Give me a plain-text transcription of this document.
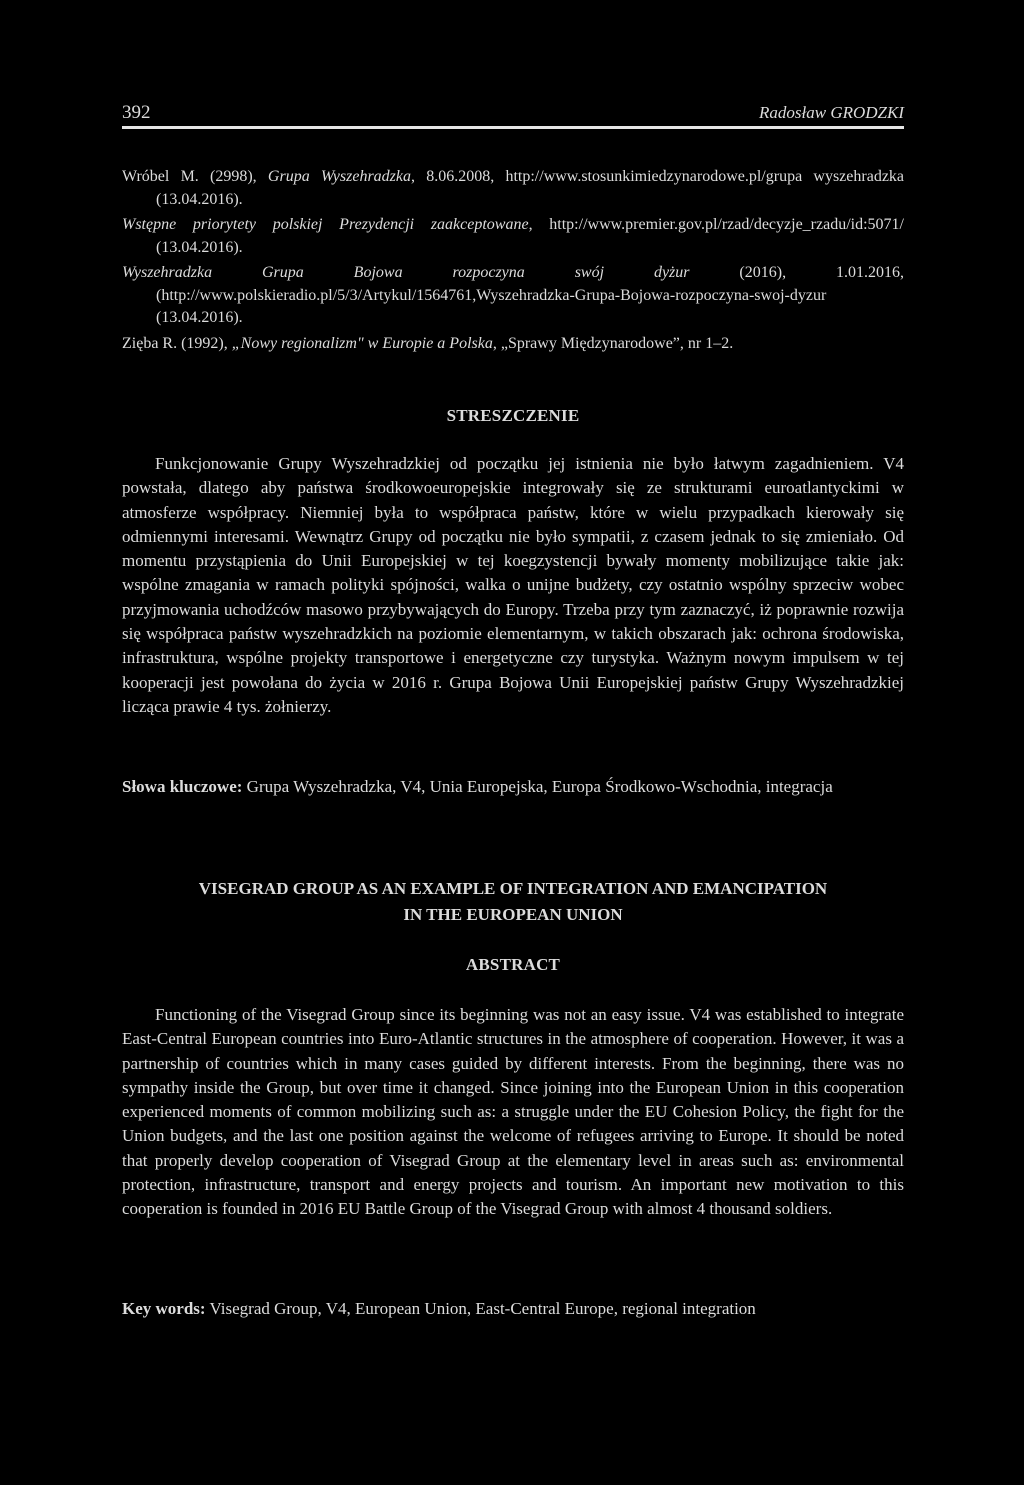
392	Radosław GRODZKI

Wróbel M. (2998), Grupa Wyszehradzka, 8.06.2008, http://www.stosunkimiedzynarodowe.pl/grupa wyszehradzka (13.04.2016).

Wstępne priorytety polskiej Prezydencji zaakceptowane, http://www.premier.gov.pl/rzad/decyzje_rzadu/id:5071/ (13.04.2016).

Wyszehradzka Grupa Bojowa rozpoczyna swój dyżur (2016), 1.01.2016, (http://www.polskieradio.pl/5/3/Artykul/1564761,Wyszehradzka-Grupa-Bojowa-rozpoczyna-swoj-dyzur (13.04.2016).

Zięba R. (1992), „Nowy regionalizm" w Europie a Polska, „Sprawy Międzynarodowe”, nr 1–2.

STRESZCZENIE

Funkcjonowanie Grupy Wyszehradzkiej od początku jej istnienia nie było łatwym zagadnieniem. V4 powstała, dlatego aby państwa środkowoeuropejskie integrowały się ze strukturami euroatlantyckimi w atmosferze współpracy. Niemniej była to współpraca państw, które w wielu przypadkach kierowały się odmiennymi interesami. Wewnątrz Grupy od początku nie było sympatii, z czasem jednak to się zmieniało. Od momentu przystąpienia do Unii Europejskiej w tej koegzystencji bywały momenty mobilizujące takie jak: wspólne zmagania w ramach polityki spójności, walka o unijne budżety, czy ostatnio wspólny sprzeciw wobec przyjmowania uchodźców masowo przybywających do Europy. Trzeba przy tym zaznaczyć, iż poprawnie rozwija się współpraca państw wyszehradzkich na poziomie elementarnym, w takich obszarach jak: ochrona środowiska, infrastruktura, wspólne projekty transportowe i energetyczne czy turystyka. Ważnym nowym impulsem w tej kooperacji jest powołana do życia w 2016 r. Grupa Bojowa Unii Europejskiej państw Grupy Wyszehradzkiej licząca prawie 4 tys. żołnierzy.

Słowa kluczowe: Grupa Wyszehradzka, V4, Unia Europejska, Europa Środkowo-Wschodnia, integracja

VISEGRAD GROUP AS AN EXAMPLE OF INTEGRATION AND EMANCIPATION
IN THE EUROPEAN UNION
ABSTRACT

Functioning of the Visegrad Group since its beginning was not an easy issue. V4 was established to integrate East-Central European countries into Euro-Atlantic structures in the atmosphere of cooperation. However, it was a partnership of countries which in many cases guided by different interests. From the beginning, there was no sympathy inside the Group, but over time it changed. Since joining into the European Union in this cooperation experienced moments of common mobilizing such as: a struggle under the EU Cohesion Policy, the fight for the Union budgets, and the last one position against the welcome of refugees arriving to Europe. It should be noted that properly develop cooperation of Visegrad Group at the elementary level in areas such as: environmental protection, infrastructure, transport and energy projects and tourism. An important new motivation to this cooperation is founded in 2016 EU Battle Group of the Visegrad Group with almost 4 thousand soldiers.

Key words: Visegrad Group, V4, European Union, East-Central Europe, regional integration
